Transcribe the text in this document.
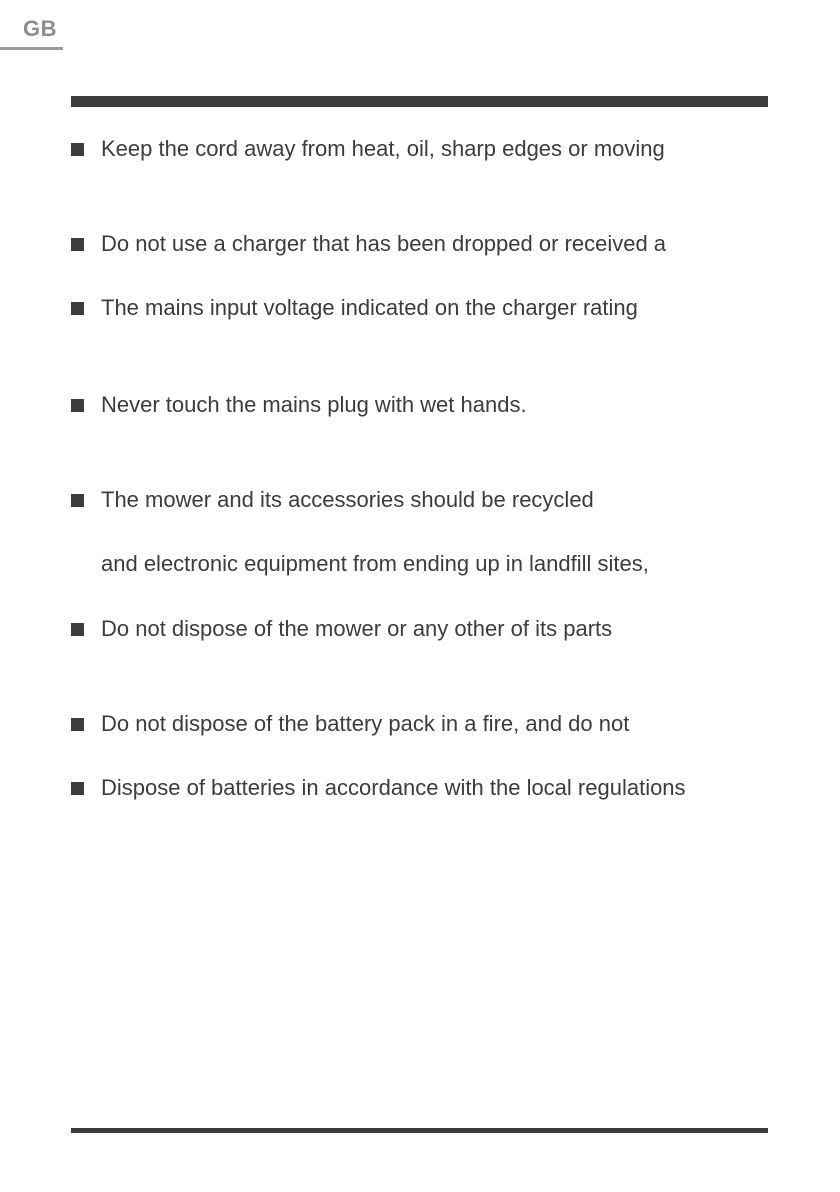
GB
Keep the cord away from heat, oil, sharp edges or moving
Do not use a charger that has been dropped or received a
The mains input voltage indicated on the charger rating
Never touch the mains plug with wet hands.
The mower and its accessories should be recycled
and electronic equipment from ending up in landfill sites,
Do not dispose of the mower or any other of its parts
Do not dispose of the battery pack in a fire, and do not
Dispose of batteries in accordance with the local regulations
